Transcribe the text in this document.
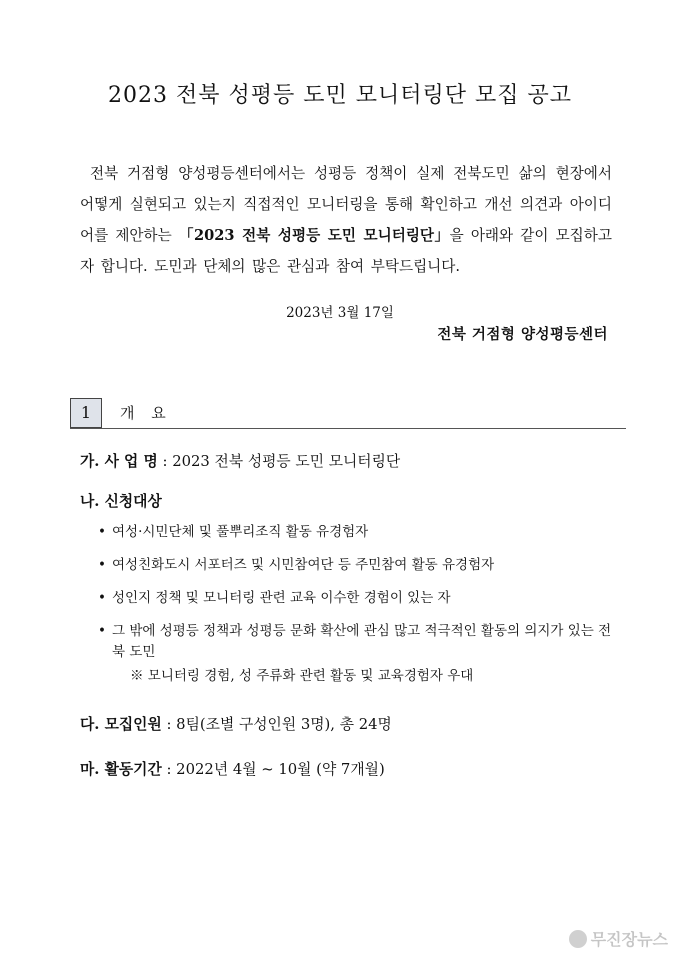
2023 전북 성평등 도민 모니터링단 모집 공고
전북 거점형 양성평등센터에서는 성평등 정책이 실제 전북도민 삶의 현장에서 어떻게 실현되고 있는지 직접적인 모니터링을 통해 확인하고 개선 의견과 아이디어를 제안하는 「2023 전북 성평등 도민 모니터링단」을 아래와 같이 모집하고자 합니다. 도민과 단체의 많은 관심과 참여 부탁드립니다.
2023년 3월 17일
전북 거점형 양성평등센터
1	개 요
가. 사 업 명 : 2023 전북 성평등 도민 모니터링단
나. 신청대상
• 여성·시민단체 및 풀뿌리조직 활동 유경험자
• 여성친화도시 서포터즈 및 시민참여단 등 주민참여 활동 유경험자
• 성인지 정책 및 모니터링 관련 교육 이수한 경험이 있는 자
• 그 밖에 성평등 정책과 성평등 문화 확산에 관심 많고 적극적인 활동의 의지가 있는 전북 도민
※ 모니터링 경험, 성 주류화 관련 활동 및 교육경험자 우대
다. 모집인원 : 8팀(조별 구성인원 3명), 총 24명
마. 활동기간 : 2022년 4월 ~ 10월 (약 7개월)
무진장뉴스
